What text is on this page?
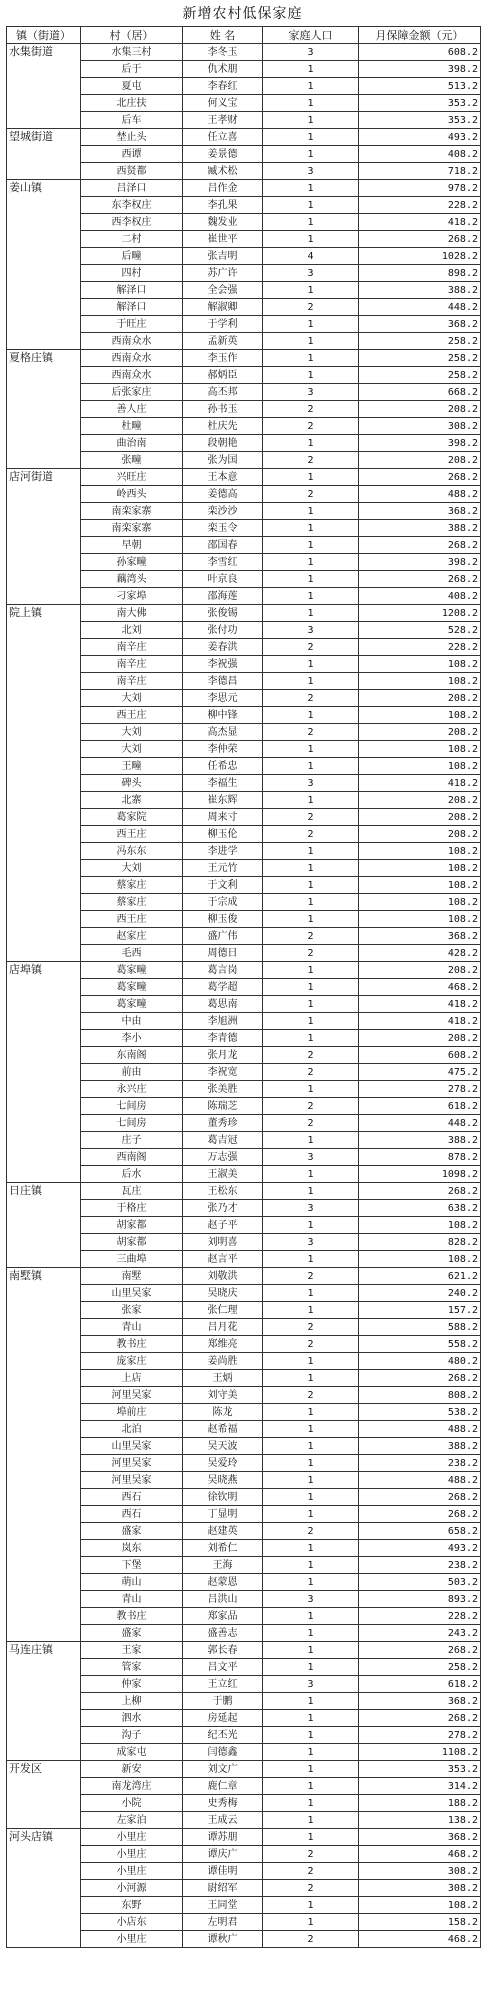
新增农村低保家庭
镇（街道）	村（居）	姓 名	家庭人口	月保障金额（元）
水集街道	水集三村	李冬玉	3	608.2
	后于	仇术朋	1	398.2
	夏屯	李春红	1	513.2
	北庄扶	何义宝	1	353.2
	后车	王孝财	1	353.2
望城街道	埜止头	任立喜	1	493.2
	西谭	姜景德	1	408.2
	西贤都	臧术松	3	718.2
姜山镇	吕泽口	吕作金	1	978.2
	东李权庄	李孔果	1	228.2
	西李权庄	魏发业	1	418.2
	二村	崔世平	1	268.2
	后疃	张吉明	4	1028.2
	四村	苏广许	3	898.2
	解泽口	全会强	1	388.2
	解泽口	解淑卿	2	448.2
	于旺庄	于学利	1	368.2
	西南众水	孟新英	1	258.2
夏格庄镇	西南众水	李玉作	1	258.2
	西南众水	郝炳臣	1	258.2
	后张家庄	高丕邦	3	668.2
	善人庄	孙书玉	2	208.2
	杜疃	杜庆先	2	308.2
	曲治南	段朝艳	1	398.2
	张疃	张为国	2	208.2
店河街道	兴旺庄	王本意	1	268.2
	岭西头	姜德高	2	488.2
	南栾家寨	栾沙沙	1	368.2
	南栾家寨	栾玉令	1	388.2
	早朝	邵国春	1	268.2
	孙家疃	李雪红	1	398.2
	藕湾头	叶京良	1	268.2
	刁家埠	邵海莲	1	408.2
院上镇	南大佛	张俊锡	1	1208.2
	北刘	张付功	3	528.2
	南辛庄	姜春洪	2	228.2
	南辛庄	李祝强	1	108.2
	南辛庄	李德昌	1	108.2
	大刘	李思元	2	208.2
	西王庄	柳中锋	1	108.2
	大刘	高杰显	2	208.2
	大刘	李仲荣	1	108.2
	王疃	任希忠	1	108.2
	碑头	李福生	3	418.2
	北寨	崔东辉	1	208.2
	葛家院	周来寸	2	208.2
	西王庄	柳玉伦	2	208.2
	冯东东	李进学	1	108.2
	大刘	王元竹	1	108.2
	蔡家庄	于文利	1	108.2
	蔡家庄	于宗成	1	108.2
	西王庄	柳玉俊	1	108.2
	赵家庄	盛广伟	2	368.2
	毛西	周德日	2	428.2
店埠镇	葛家疃	葛言岗	1	208.2
	葛家疃	葛学超	1	468.2
	葛家疃	葛思南	1	418.2
	中由	李旭洲	1	418.2
	李小	李青德	1	208.2
	东南阁	张月龙	2	608.2
	前由	李祝宽	2	475.2
	永兴庄	张美胜	1	278.2
	七间房	陈瑞芝	2	618.2
	七间房	董秀珍	2	448.2
	庄子	葛吉冠	1	388.2
	西南阁	万志强	3	878.2
	后水	王淑美	1	1098.2
日庄镇	瓦庄	王松东	1	268.2
	于格庄	张乃才	3	638.2
	胡家都	赵子平	1	108.2
	胡家都	刘明喜	3	828.2
	三曲埠	赵言平	1	108.2
南墅镇	南墅	刘敬洪	2	621.2
	山里吴家	吴晓庆	1	240.2
	张家	张仁理	1	157.2
	青山	吕月花	2	588.2
	教书庄	郑维亮	2	558.2
	庞家庄	姜尚胜	1	480.2
	上店	王炳	1	268.2
	河里吴家	刘守美	2	808.2
	埠前庄	陈龙	1	538.2
	北泊	赵希福	1	488.2
	山里吴家	吴天波	1	388.2
	河里吴家	吴爱玲	1	238.2
	河里吴家	吴晓燕	1	488.2
	西石	徐钦明	1	268.2
	西石	丁显明	1	268.2
	盛家	赵建英	2	658.2
	岚东	刘希仁	1	493.2
	下堡	王海	1	238.2
	萌山	赵蒙恩	1	503.2
	青山	吕洪山	3	893.2
	教书庄	郑家品	1	228.2
	盛家	盛善志	1	243.2
马连庄镇	王家	郭长春	1	268.2
	管家	吕文平	1	258.2
	仲家	王立红	3	618.2
	上柳	于鹏	1	368.2
	泗水	房延起	1	268.2
	沟子	纪丕光	1	278.2
	成家屯	闫德鑫	1	1108.2
开发区	新安	刘文广	1	353.2
	南龙湾庄	鹿仁章	1	314.2
	小院	史秀梅	1	188.2
	左家泊	王成云	1	138.2
河头店镇	小里庄	谭苏朋	1	368.2
	小里庄	谭庆广	2	468.2
	小里庄	谭佳明	2	308.2
	小河源	尉绍军	2	308.2
	东野	王同堂	1	108.2
	小店东	左明君	1	158.2
	小里庄	谭秋广	2	468.2
